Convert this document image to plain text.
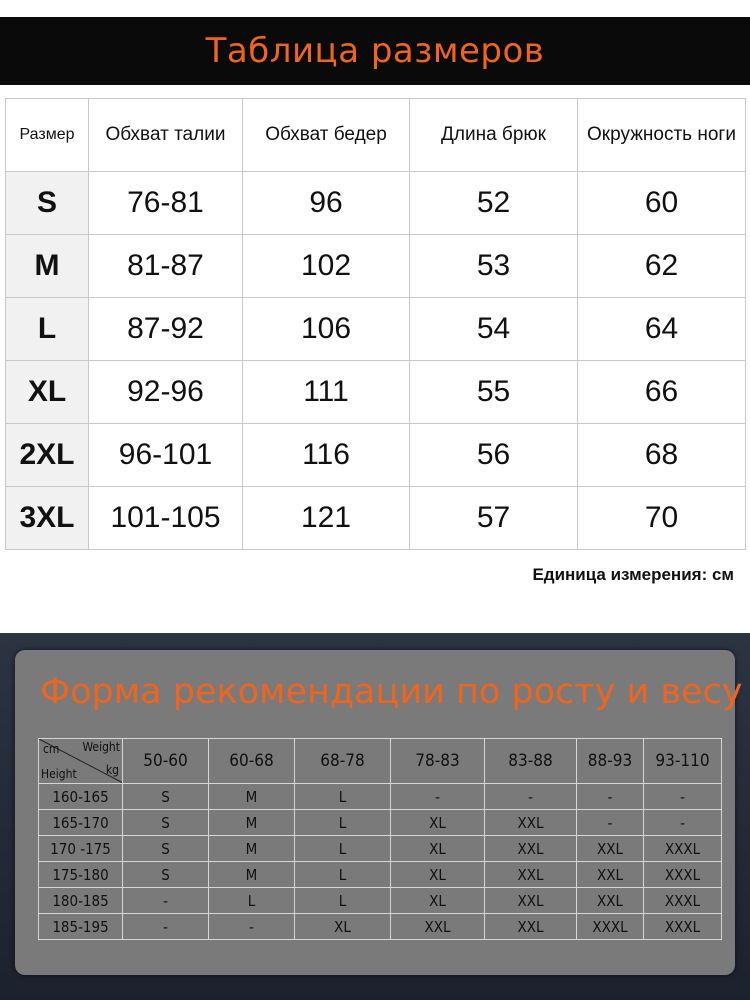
Таблица размеров
Размер	Обхват талии	Обхват бедер	Длина брюк	Окружность ноги
S	76-81	96	52	60
M	81-87	102	53	62
L	87-92	106	54	64
XL	92-96	111	55	66
2XL	96-101	116	56	68
3XL	101-105	121	57	70
Единица измерения: см
Форма рекомендации по росту и весу
cm Weight
Height kg	50-60	60-68	68-78	78-83	83-88	88-93	93-110
160-165	S	M	L	-	-	-	-
165-170	S	M	L	XL	XXL	-	-
170 -175	S	M	L	XL	XXL	XXL	XXXL
175-180	S	M	L	XL	XXL	XXL	XXXL
180-185	-	L	L	XL	XXL	XXL	XXXL
185-195	-	-	XL	XXL	XXL	XXXL	XXXL
